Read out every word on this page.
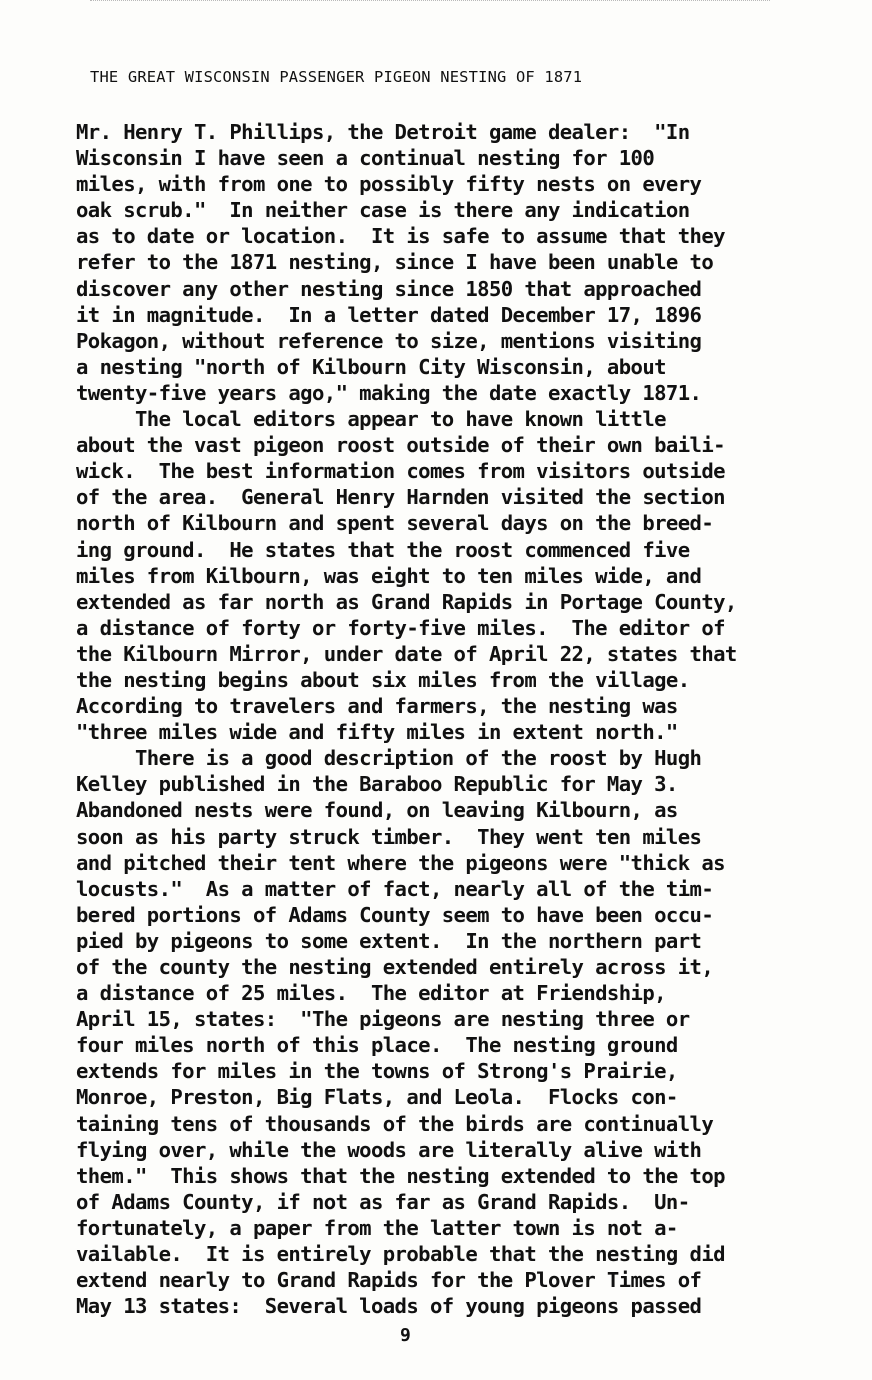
THE GREAT WISCONSIN PASSENGER PIGEON NESTING OF 1871
Mr. Henry T. Phillips, the Detroit game dealer:  "In
Wisconsin I have seen a continual nesting for 100
miles, with from one to possibly fifty nests on every
oak scrub."  In neither case is there any indication
as to date or location.  It is safe to assume that they
refer to the 1871 nesting, since I have been unable to
discover any other nesting since 1850 that approached
it in magnitude.  In a letter dated December 17, 1896
Pokagon, without reference to size, mentions visiting
a nesting "north of Kilbourn City Wisconsin, about
twenty-five years ago," making the date exactly 1871.
The local editors appear to have known little
about the vast pigeon roost outside of their own baili-
wick.  The best information comes from visitors outside
of the area.  General Henry Harnden visited the section
north of Kilbourn and spent several days on the breed-
ing ground.  He states that the roost commenced five
miles from Kilbourn, was eight to ten miles wide, and
extended as far north as Grand Rapids in Portage County,
a distance of forty or forty-five miles.  The editor of
the Kilbourn Mirror, under date of April 22, states that
the nesting begins about six miles from the village.
According to travelers and farmers, the nesting was
"three miles wide and fifty miles in extent north."
There is a good description of the roost by Hugh
Kelley published in the Baraboo Republic for May 3.
Abandoned nests were found, on leaving Kilbourn, as
soon as his party struck timber.  They went ten miles
and pitched their tent where the pigeons were "thick as
locusts."  As a matter of fact, nearly all of the tim-
bered portions of Adams County seem to have been occu-
pied by pigeons to some extent.  In the northern part
of the county the nesting extended entirely across it,
a distance of 25 miles.  The editor at Friendship,
April 15, states:  "The pigeons are nesting three or
four miles north of this place.  The nesting ground
extends for miles in the towns of Strong's Prairie,
Monroe, Preston, Big Flats, and Leola.  Flocks con-
taining tens of thousands of the birds are continually
flying over, while the woods are literally alive with
them."  This shows that the nesting extended to the top
of Adams County, if not as far as Grand Rapids.  Un-
fortunately, a paper from the latter town is not a-
vailable.  It is entirely probable that the nesting did
extend nearly to Grand Rapids for the Plover Times of
May 13 states:  Several loads of young pigeons passed
9
